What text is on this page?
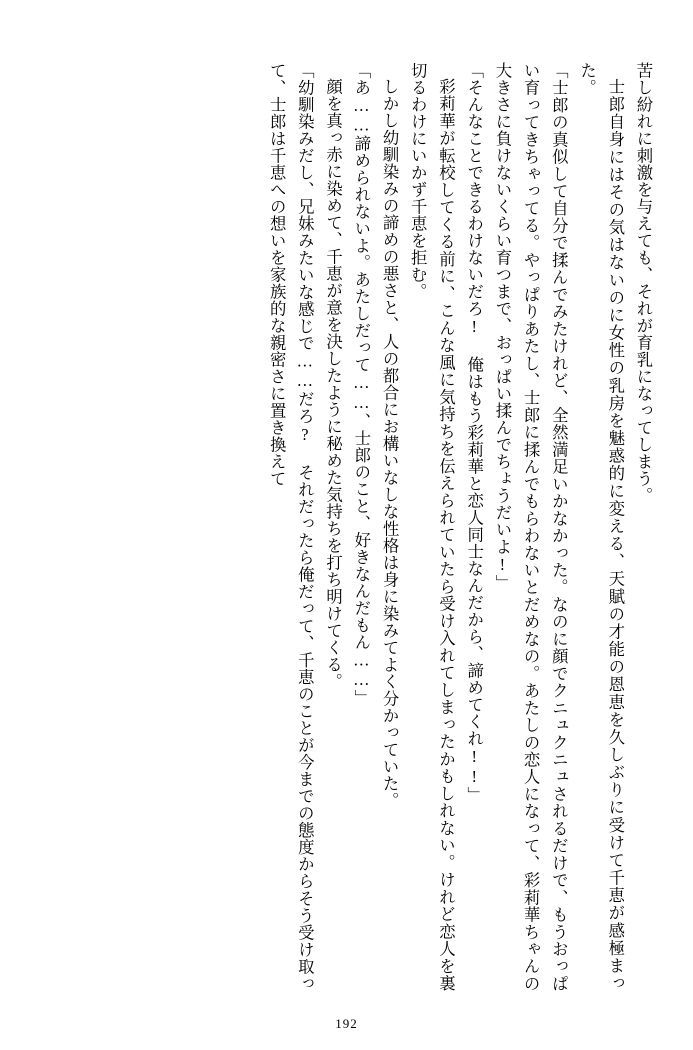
苦し紛れに刺激を与えても、それが育乳になってしまう。

士郎自身にはその気はないのに女性の乳房を魅惑的に変える、天賦の才能の恩恵を久しぶりに受けて千恵が感極まった。

「士郎の真似して自分で揉んでみたけれど、全然満足いかなかった。なのに顔でクニュクニュされるだけで、もうおっぱい育ってきちゃってる。やっぱりあたし、士郎に揉んでもらわないとだめなの。あたしの恋人になって、彩莉華ちゃんの大きさに負けないくらい育つまで、おっぱい揉んでちょうだいよ!」

「そんなことできるわけないだろ! 俺はもう彩莉華と恋人同士なんだから、諦めてくれ!!」

彩莉華が転校してくる前に、こんな風に気持ちを伝えられていたら受け入れてしまったかもしれない。けれど恋人を裏切るわけにいかず千恵を拒む。

しかし幼馴染みの諦めの悪さと、人の都合にお構いなしな性格は身に染みてよく分かっていた。

「あ……諦められないよ。あたしだって……、士郎のこと、好きなんだもん……」

顔を真っ赤に染めて、千恵が意を決したように秘めた気持ちを打ち明けてくる。

「幼馴染みだし、兄妹みたいな感じで……だろ? それだったら俺だって、千恵のことが今までの態度からそう受け取って、士郎は千恵への想いを家族的な親密さに置き換えて

192
